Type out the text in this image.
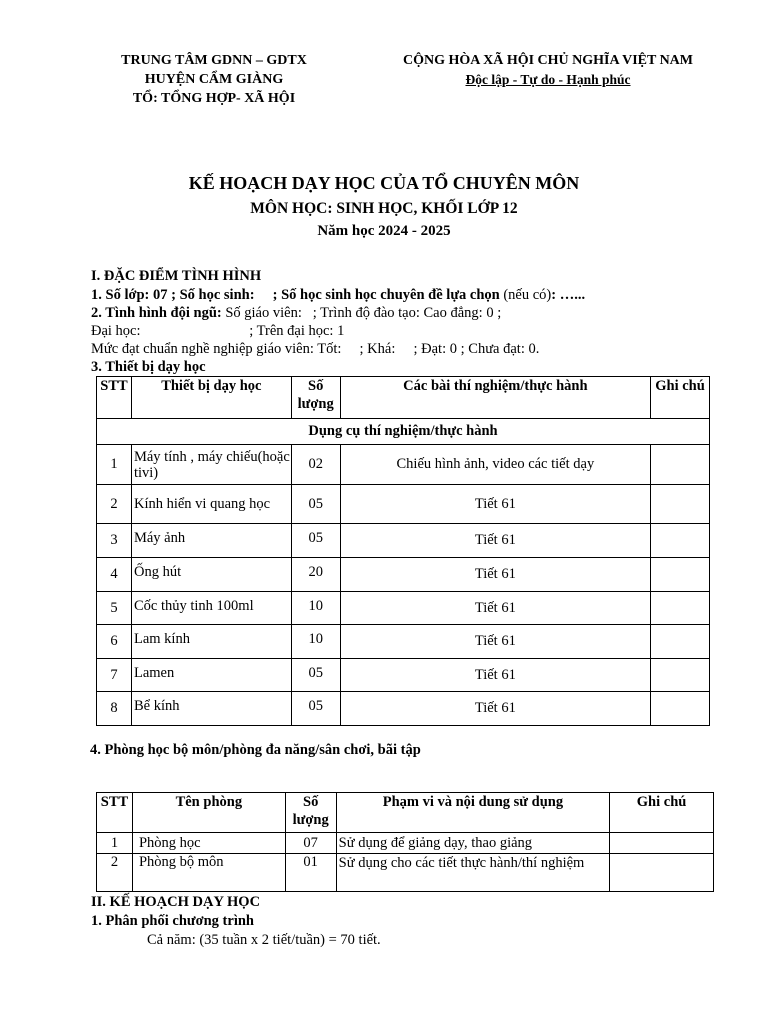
TRUNG TÂM GDNN – GDTX
HUYỆN CẨM GIÀNG
TỔ: TỔNG HỢP- XÃ HỘI
CỘNG HÒA XÃ HỘI CHỦ NGHĨA VIỆT NAM
Độc lập - Tự do - Hạnh phúc
KẾ HOẠCH DẠY HỌC CỦA TỔ CHUYÊN MÔN
MÔN HỌC: SINH HỌC, KHỐI LỚP 12
Năm học 2024 - 2025
I. ĐẶC ĐIỂM TÌNH HÌNH
1. Số lớp: 07 ; Số học sinh:     ; Số học sinh học chuyên đề lựa chọn (nếu có): …...
2. Tình hình đội ngũ: Số giáo viên:   ; Trình độ đào tạo: Cao đẳng: 0 ;
Đại học:                              ; Trên đại học: 1
Mức đạt chuẩn nghề nghiệp giáo viên: Tốt:     ; Khá:     ; Đạt: 0 ; Chưa đạt: 0.
3. Thiết bị dạy học
STT	Thiết bị dạy học	Số lượng	Các bài thí nghiệm/thực hành	Ghi chú
Dụng cụ thí nghiệm/thực hành				
1	Máy tính , máy chiếu(hoặc tivi)	02	Chiếu hình ảnh, video các tiết dạy	
2	Kính hiển vi quang học	05	Tiết 61	
3	Máy ảnh	05	Tiết 61	
4	Ống hút	20	Tiết 61	
5	Cốc thủy tinh 100ml	10	Tiết 61	
6	Lam kính	10	Tiết 61	
7	Lamen	05	Tiết 61	
8	Bể kính	05	Tiết 61	
4. Phòng học bộ môn/phòng đa năng/sân chơi, bãi tập
STT	Tên phòng	Số lượng	Phạm vi và nội dung sử dụng	Ghi chú
1	Phòng học	07	Sử dụng để giảng dạy, thao giảng	
2	Phòng bộ môn	01	Sử dụng cho các tiết thực hành/thí nghiệm	
II. KẾ HOẠCH DẠY HỌC
1. Phân phối chương trình
Cả năm: (35 tuần x 2 tiết/tuần) = 70 tiết.
